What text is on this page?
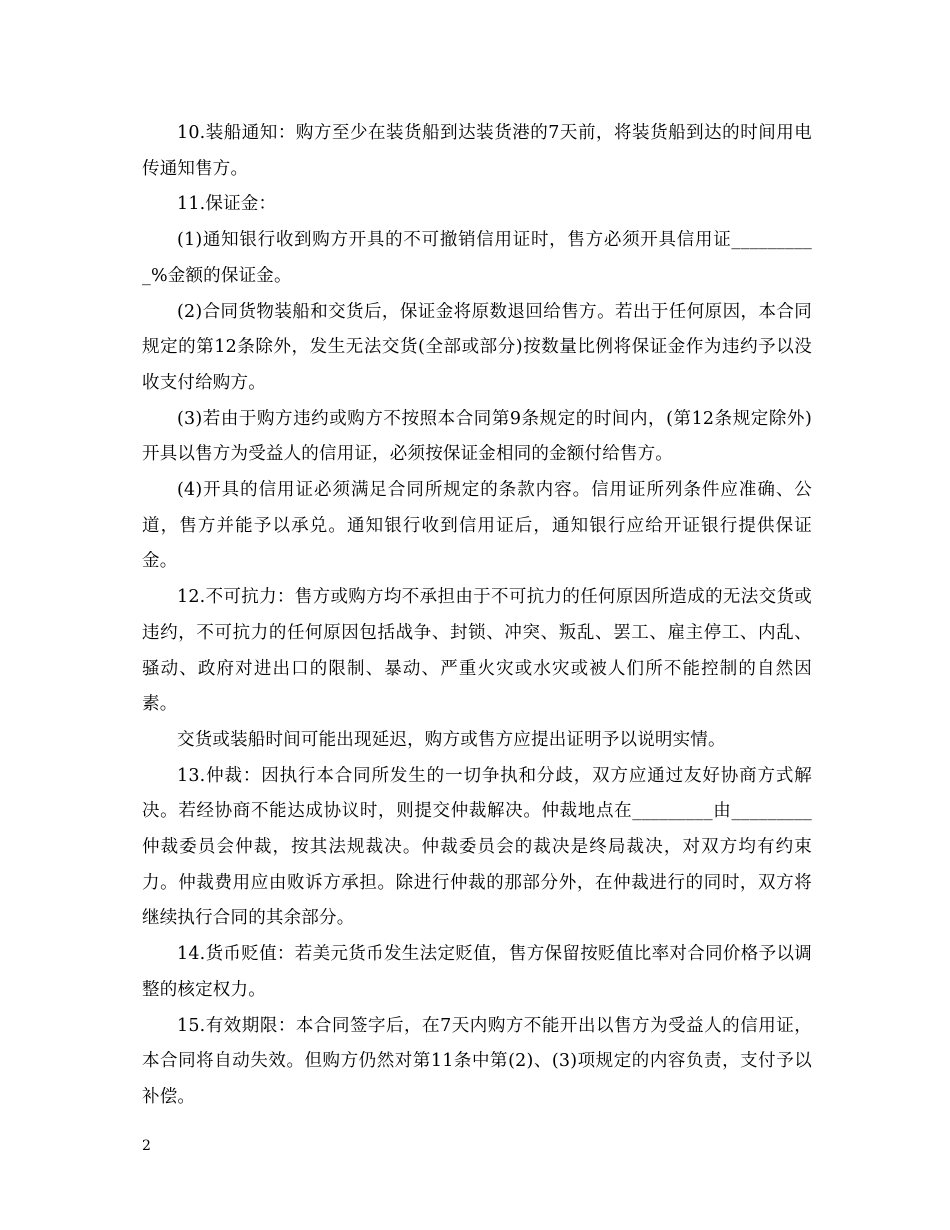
10.装船通知：购方至少在装货船到达装货港的7天前，将装货船到达的时间用电传通知售方。

11.保证金：

(1)通知银行收到购方开具的不可撤销信用证时，售方必须开具信用证__________%金额的保证金。

(2)合同货物装船和交货后，保证金将原数退回给售方。若出于任何原因，本合同规定的第12条除外，发生无法交货(全部或部分)按数量比例将保证金作为违约予以没收支付给购方。

(3)若由于购方违约或购方不按照本合同第9条规定的时间内，(第12条规定除外)开具以售方为受益人的信用证，必须按保证金相同的金额付给售方。

(4)开具的信用证必须满足合同所规定的条款内容。信用证所列条件应准确、公道，售方并能予以承兑。通知银行收到信用证后，通知银行应给开证银行提供保证金。

12.不可抗力：售方或购方均不承担由于不可抗力的任何原因所造成的无法交货或违约，不可抗力的任何原因包括战争、封锁、冲突、叛乱、罢工、雇主停工、内乱、骚动、政府对进出口的限制、暴动、严重火灾或水灾或被人们所不能控制的自然因素。

交货或装船时间可能出现延迟，购方或售方应提出证明予以说明实情。

13.仲裁：因执行本合同所发生的一切争执和分歧，双方应通过友好协商方式解决。若经协商不能达成协议时，则提交仲裁解决。仲裁地点在_________由_________仲裁委员会仲裁，按其法规裁决。仲裁委员会的裁决是终局裁决，对双方均有约束力。仲裁费用应由败诉方承担。除进行仲裁的那部分外，在仲裁进行的同时，双方将继续执行合同的其余部分。

14.货币贬值：若美元货币发生法定贬值，售方保留按贬值比率对合同价格予以调整的核定权力。

15.有效期限：本合同签字后，在7天内购方不能开出以售方为受益人的信用证，本合同将自动失效。但购方仍然对第11条中第(2)、(3)项规定的内容负责，支付予以补偿。

2
